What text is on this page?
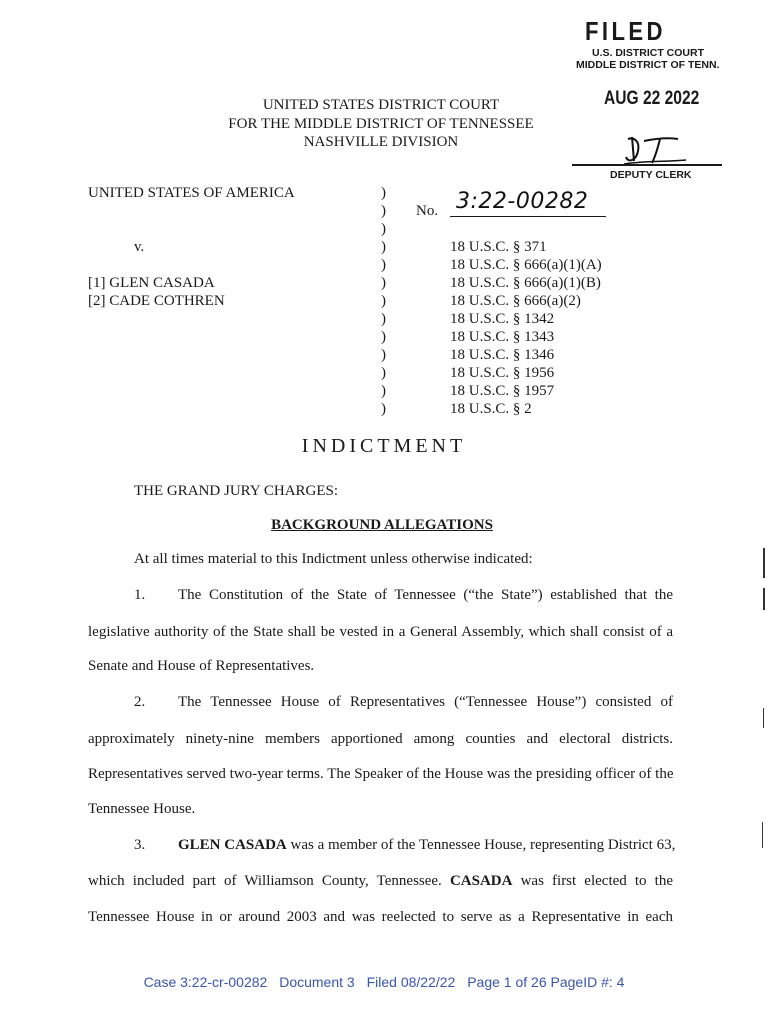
FILED
U.S. DISTRICT COURT
MIDDLE DISTRICT OF TENN.
AUG 22 2022
DEPUTY CLERK
UNITED STATES DISTRICT COURT
FOR THE MIDDLE DISTRICT OF TENNESSEE
NASHVILLE DIVISION
UNITED STATES OF AMERICA
v.
[1] GLEN CASADA
[2] CADE COTHREN
)
)
)
)
)
)
)
)
)
)
)
)
)
No. 3:22-00282
18 U.S.C. § 371
18 U.S.C. § 666(a)(1)(A)
18 U.S.C. § 666(a)(1)(B)
18 U.S.C. § 666(a)(2)
18 U.S.C. § 1342
18 U.S.C. § 1343
18 U.S.C. § 1346
18 U.S.C. § 1956
18 U.S.C. § 1957
18 U.S.C. § 2
INDICTMENT
THE GRAND JURY CHARGES:
BACKGROUND ALLEGATIONS
At all times material to this Indictment unless otherwise indicated:
1. The Constitution of the State of Tennessee (“the State”) established that the
legislative authority of the State shall be vested in a General Assembly, which shall consist of a
Senate and House of Representatives.
2. The Tennessee House of Representatives (“Tennessee House”) consisted of
approximately ninety-nine members apportioned among counties and electoral districts.
Representatives served two-year terms. The Speaker of the House was the presiding officer of the
Tennessee House.
3. GLEN CASADA was a member of the Tennessee House, representing District 63,
which included part of Williamson County, Tennessee. CASADA was first elected to the
Tennessee House in or around 2003 and was reelected to serve as a Representative in each
Case 3:22-cr-00282 Document 3 Filed 08/22/22 Page 1 of 26 PageID #: 4
